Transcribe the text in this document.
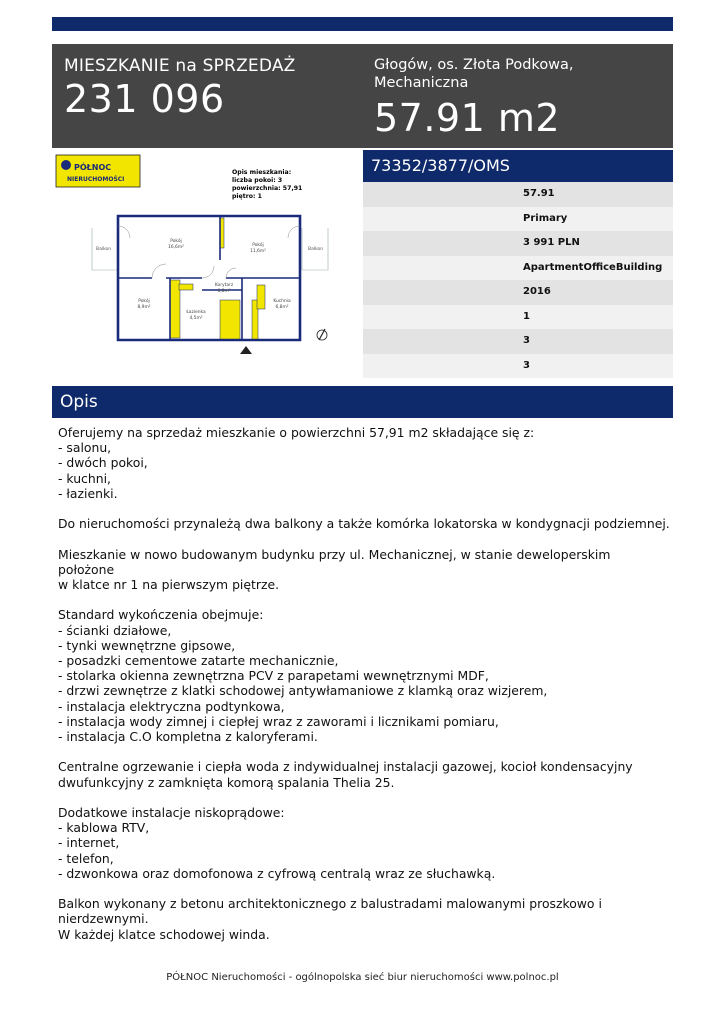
MIESZKANIE na SPRZEDAŻ
231 096
Głogów, os. Złota Podkowa, Mechaniczna
57.91 m2
PÓŁNOC
NIERUCHOMOŚCI
Opis mieszkania:
liczba pokoi: 3
powierzchnia: 57,91
piętro: 1
Balkon	Balkon
Pokój
16,6m²	Pokój
11,6m²
Pokój
8,9m²
Korytarz
6,8m²
Łazienka
4,5m²
Kuchnia
6,8m²
73352/3877/OMS
57.91
Primary
3 991 PLN
ApartmentOfficeBuilding
2016
1
3
3
Opis

Oferujemy na sprzedaż mieszkanie o powierzchni 57,91 m2 składające się z:

- salonu,

- dwóch pokoi,

- kuchni,

- łazienki.

Do nieruchomości przynależą dwa balkony a także komórka lokatorska w kondygnacji podziemnej.

Mieszkanie w nowo budowanym budynku przy ul. Mechanicznej, w stanie deweloperskim położone

w klatce nr 1 na pierwszym piętrze.

Standard wykończenia obejmuje:

- ścianki działowe,

- tynki wewnętrzne gipsowe,

- posadzki cementowe zatarte mechanicznie,

- stolarka okienna zewnętrzna PCV z parapetami wewnętrznymi MDF,

- drzwi zewnętrze z klatki schodowej antywłamaniowe z klamką oraz wizjerem,

- instalacja elektryczna podtynkowa,

- instalacja wody zimnej i ciepłej wraz z zaworami i licznikami pomiaru,

- instalacja C.O kompletna z kaloryferami.

Centralne ogrzewanie i ciepła woda z indywidualnej instalacji gazowej, kocioł kondensacyjny

dwufunkcyjny z zamknięta komorą spalania Thelia 25.

Dodatkowe instalacje niskoprądowe:

- kablowa RTV,

- internet,

- telefon,

- dzwonkowa oraz domofonowa z cyfrową centralą wraz ze słuchawką.

Balkon wykonany z betonu architektonicznego z balustradami malowanymi proszkowo i

nierdzewnymi.

W każdej klatce schodowej winda.

PÓŁNOC Nieruchomości - ogólnopolska sieć biur nieruchomości www.polnoc.pl
